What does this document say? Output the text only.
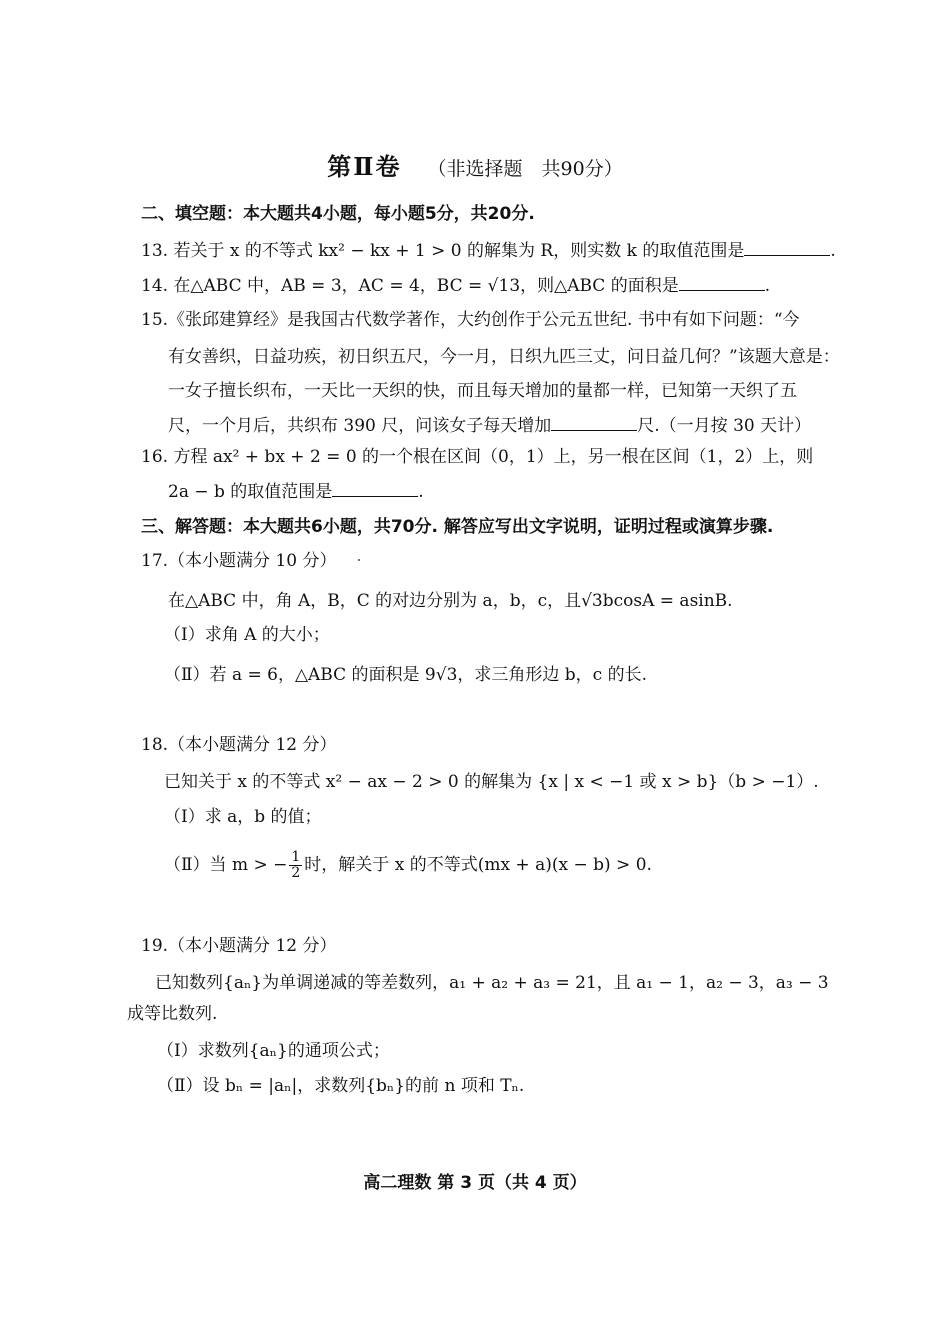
第Ⅱ卷 （非选择题　共90分）
二、填空题：本大题共4小题，每小题5分，共20分.
13. 若关于 x 的不等式 kx² − kx + 1 > 0 的解集为 R，则实数 k 的取值范围是	.
14. 在△ABC 中，AB = 3，AC = 4，BC = √13，则△ABC 的面积是	.
15.《张邱建算经》是我国古代数学著作，大约创作于公元五世纪. 书中有如下问题：“今
有女善织，日益功疾，初日织五尺，今一月，日织九匹三丈，问日益几何？”该题大意是：
一女子擅长织布，一天比一天织的快，而且每天增加的量都一样，已知第一天织了五
尺，一个月后，共织布 390 尺，问该女子每天增加	尺.（一月按 30 天计）
16. 方程 ax² + bx + 2 = 0 的一个根在区间（0，1）上，另一根在区间（1，2）上，则
2a − b 的取值范围是	.
三、解答题：本大题共6小题，共70分. 解答应写出文字说明，证明过程或演算步骤.
17.（本小题满分 10 分）
在△ABC 中，角 A，B，C 的对边分别为 a，b，c，且√3bcosA = asinB.
（Ⅰ）求角 A 的大小；
（Ⅱ）若 a = 6，△ABC 的面积是 9√3，求三角形边 b，c 的长.
18.（本小题满分 12 分）
已知关于 x 的不等式 x² − ax − 2 > 0 的解集为 {x | x < −1 或 x > b}（b > −1）.
（Ⅰ）求 a，b 的值；
（Ⅱ）当 m > − $\frac{1}{2}$ 时，解关于 x 的不等式(mx + a)(x − b) > 0.
19.（本小题满分 12 分）
已知数列{aₙ}为单调递减的等差数列，a₁ + a₂ + a₃ = 21，且 a₁ − 1，a₂ − 3，a₃ − 3
成等比数列.
（Ⅰ）求数列{aₙ}的通项公式；
（Ⅱ）设 bₙ = |aₙ|，求数列{bₙ}的前 n 项和 Tₙ.
高二理数 第 3 页（共 4 页）
